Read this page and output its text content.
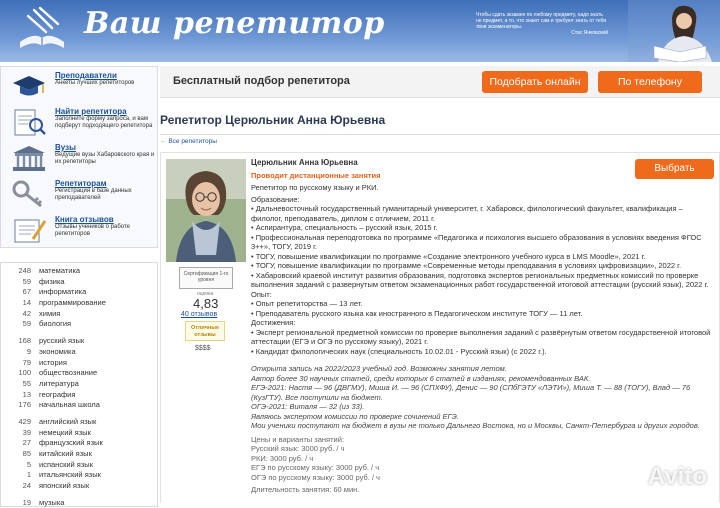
Ваш репетитор	Чтобы сдать экзамен по любому предмету, надо знать не предмет, а то, что знают сам и требуют знать от тебя твои экзаменаторы.
Стас Янковский
Преподаватели
Анкеты лучших репетиторов
Найти репетитора
Заполните форму запроса, и вам подберут подходящего репетитора
Вузы
Ведущие вузы Хабаровского края и их репетиторы
Репетиторам
Регистрация в базе данных преподавателей
Книга отзывов
Отзывы учеников о работе репетиторов
248	математика
59	физика
67	информатика
14	программирование
42	химия
59	биология
168	русский язык
9	экономика
79	история
100	обществознание
55	литература
13	география
176	начальная школа
429	английский язык
39	немецкий язык
27	французский язык
85	китайский язык
5	испанский язык
1	итальянский язык
24	японский язык
19	музыка
Бесплатный подбор репетитора	Подобрать онлайн	По телефону
Репетитор Церюльник Анна Юрьевна
← Все репетиторы
Сертификация 1-го уровня
оценка
4,83
40 отзывов
Отличные отзывы
$$$$

Церюльник Анна Юрьевна

Проводит дистанционные занятия

Репетитор по русскому языку и РКИ.

Образование:

• Дальневосточный государственный гуманитарный университет, г. Хабаровск, филологический факультет, квалификация – филолог, преподаватель, диплом с отличием, 2011 г.

• Аспирантура, специальность – русский язык, 2015 г.

• Профессиональная переподготовка по программе «Педагогика и психология высшего образования в условиях введения ФГОС 3++», ТОГУ, 2019 г.

• ТОГУ, повышение квалификации по программе «Создание электронного учебного курса в LMS Moodle», 2021 г.

• ТОГУ, повышение квалификации по программе «Современные методы преподавания в условиях цифровизации», 2022 г.

• Хабаровский краевой институт развития образования, подготовка экспертов региональных предметных комиссий по проверке выполнения заданий с развернутым ответом экзаменационных работ государственной итоговой аттестации (русский язык), 2022 г.

Опыт:

• Опыт репетиторства — 13 лет.

• Преподаватель русского языка как иностранного в Педагогическом институте ТОГУ — 11 лет.

Достижения:

• Эксперт региональной предметной комиссии по проверке выполнения заданий с развёрнутым ответом государственной итоговой аттестации (ЕГЭ и ОГЭ по русскому языку), 2021 г.

• Кандидат филологических наук (специальность 10.02.01 - Русский язык) (с 2022 г.).

Открыта запись на 2022/2023 учебный год. Возможны занятия летом.

Автор более 30 научных статей, среди которых 6 статей в изданиях, рекомендованных ВАК.

ЕГЭ-2021: Настя — 96 (ДВГМУ), Миша И. — 96 (СПХФУ), Денис — 90 (СПбГЭТУ «ЛЭТИ»), Миша Т. — 88 (ТОГУ), Влад — 76 (КузГТУ). Все поступили на бюджет.

ОГЭ-2021: Виталя — 32 (из 33).

Являюсь экспертом комиссии по проверке сочинений ЕГЭ.

Мои ученики поступают на бюджет в вузы не только Дальнего Востока, но и Москвы, Санкт-Петербурга и других городов.

Цены и варианты занятий:

Русский язык: 3000 руб. / ч

РКИ: 3000 руб. / ч

ЕГЭ по русскому языку: 3000 руб. / ч

ОГЭ по русскому языку: 3000 руб. / ч

Длительность занятия: 60 мин.

Выбрать
Avito
